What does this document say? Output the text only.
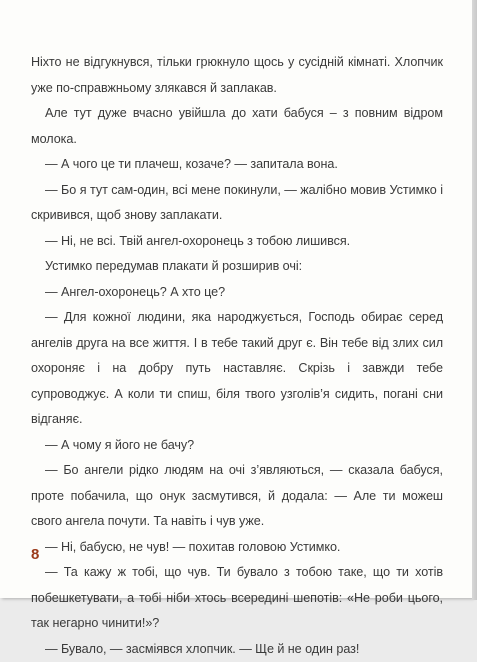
Ніхто не відгукнувся, тільки грюкнуло щось у сусідній кімнаті. Хлопчик уже по-справжньому злякався й заплакав.

Але тут дуже вчасно увійшла до хати бабуся – з повним відром молока.

— А чого це ти плачеш, козаче? — запитала вона.

— Бо я тут сам-один, всі мене покинули, — жалібно мовив Устимко і скривився, щоб знову заплакати.

— Ні, не всі. Твій ангел-охоронець з тобою лишився.

Устимко передумав плакати й розширив очі:

— Ангел-охоронець? А хто це?

— Для кожної людини, яка народжується, Господь обирає серед ангелів друга на все життя. І в тебе такий друг є. Він тебе від злих сил охороняє і на добру путь наставляє. Скрізь і завжди тебе супроводжує. А коли ти спиш, біля твого узголів’я сидить, погані сни відганяє.

— А чому я його не бачу?

— Бо ангели рідко людям на очі з’являються, — сказала бабуся, проте побачила, що онук засмутився, й додала: — Але ти можеш свого ангела почути. Та навіть і чув уже.

— Ні, бабусю, не чув! — похитав головою Устимко.

— Та кажу ж тобі, що чув. Ти бувало з тобою таке, що ти хотів побешкетувати, а тобі ніби хтось всередині шепотів: «Не роби цього, так негарно чинити!»?

— Бувало, — засміявся хлопчик. — Ще й не один раз!

8
